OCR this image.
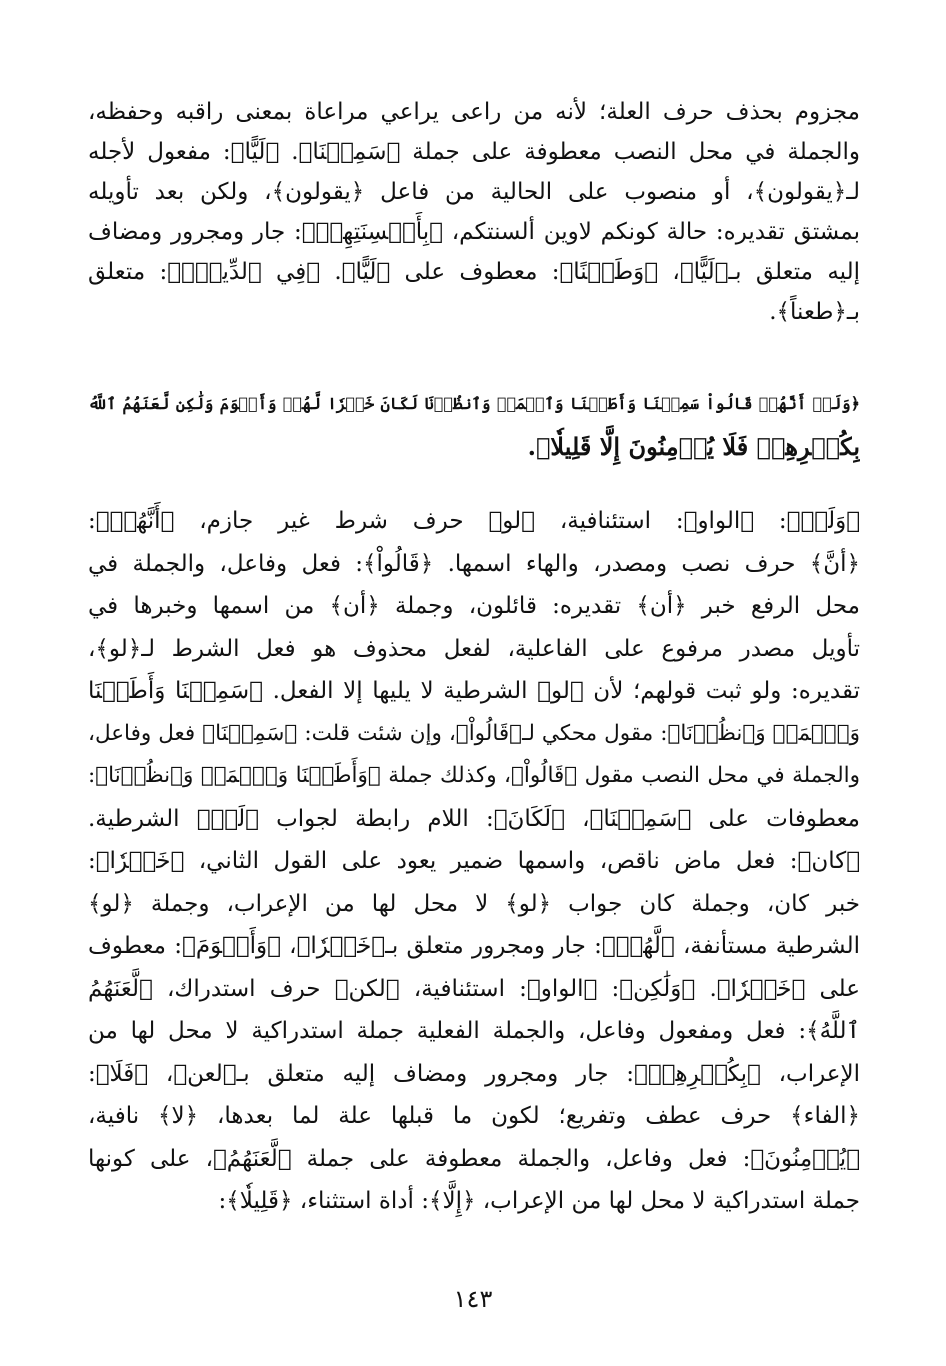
مجزوم بحذف حرف العلة؛ لأنه من راعى يراعي مراعاة بمعنى راقبه وحفظه،
والجملة في محل النصب معطوفة على جملة ﴿سَمِعۡنَا﴾. ﴿لَيًّا﴾: مفعول لأجله
لـ﴿يقولون﴾، أو منصوب على الحالية من فاعل ﴿يقولون﴾، ولكن بعد تأويله
بمشتق تقديره: حالة كونكم لاوين ألسنتكم، ﴿بِأَلۡسِنَتِهِمۡ﴾: جار ومجرور ومضاف
إليه متعلق بـ﴿لَيًّا﴾، ﴿وَطَعۡنًا﴾: معطوف على ﴿لَيًّا﴾. ﴿فِي ٱلدِّينِۚ﴾: متعلق
بـ﴿طعناً﴾.
﴿وَلَوۡ أَنَّهُمۡ قَالُواْ سَمِعۡنَا وَأَطَعۡنَا وَٱسۡمَعۡ وَٱنظُرۡنَا لَكَانَ خَيۡرٗا لَّهُمۡ وَأَقۡوَمَ وَلَٰكِن لَّعَنَهُمُ ٱللَّهُ
بِكُفۡرِهِمۡ فَلَا يُؤۡمِنُونَ إِلَّا قَلِيلٗا﴾.
﴿وَلَوۡ﴾: ﴿الواو﴾: استئنافية، ﴿لو﴾ حرف شرط غير جازم، ﴿أَنَّهُمۡ﴾:
﴿أنَّ﴾ حرف نصب ومصدر، والهاء اسمها. ﴿قَالُواْ﴾: فعل وفاعل، والجملة في
محل الرفع خبر ﴿أن﴾ تقديره: قائلون، وجملة ﴿أن﴾ من اسمها وخبرها في
تأويل مصدر مرفوع على الفاعلية، لفعل محذوف هو فعل الشرط لـ﴿لو﴾،
تقديره: ولو ثبت قولهم؛ لأن ﴿لو﴾ الشرطية لا يليها إلا الفعل. ﴿سَمِعۡنَا وَأَطَعۡنَا
وَٱسۡمَعۡ وَٱنظُرۡنَا﴾: مقول محكي لـ﴿قَالُواْ﴾، وإن شئت قلت: ﴿سَمِعۡنَا﴾ فعل وفاعل،
والجملة في محل النصب مقول ﴿قَالُواْ﴾، وكذلك جملة ﴿وَأَطَعۡنَا وَٱسۡمَعۡ وَٱنظُرۡنَا﴾:
معطوفات على ﴿سَمِعۡنَا﴾، ﴿لَكَانَ﴾: اللام رابطة لجواب ﴿لَوۡ﴾ الشرطية.
﴿كان﴾: فعل ماض ناقص، واسمها ضمير يعود على القول الثاني، ﴿خَيۡرٗا﴾:
خبر كان، وجملة كان جواب ﴿لو﴾ لا محل لها من الإعراب، وجملة ﴿لو﴾
الشرطية مستأنفة، ﴿لَّهُمۡ﴾: جار ومجرور متعلق بـ﴿خَيۡرٗا﴾، ﴿وَأَقۡوَمَ﴾: معطوف
على ﴿خَيۡرٗا﴾. ﴿وَلَٰكِن﴾: ﴿الواو﴾: استئنافية، ﴿لكن﴾ حرف استدراك، ﴿لَّعَنَهُمُ
ٱللَّهُ﴾: فعل ومفعول وفاعل، والجملة الفعلية جملة استدراكية لا محل لها من
الإعراب، ﴿بِكُفۡرِهِمۡ﴾: جار ومجرور ومضاف إليه متعلق بـ﴿لعن﴾، ﴿فَلَا﴾:
﴿الفاء﴾ حرف عطف وتفريع؛ لكون ما قبلها علة لما بعدها، ﴿لا﴾ نافية،
﴿يُؤۡمِنُونَ﴾: فعل وفاعل، والجملة معطوفة على جملة ﴿لَّعَنَهُمُ﴾، على كونها
جملة استدراكية لا محل لها من الإعراب، ﴿إِلَّا﴾: أداة استثناء، ﴿قَلِيلٗا﴾:
١٤٣
